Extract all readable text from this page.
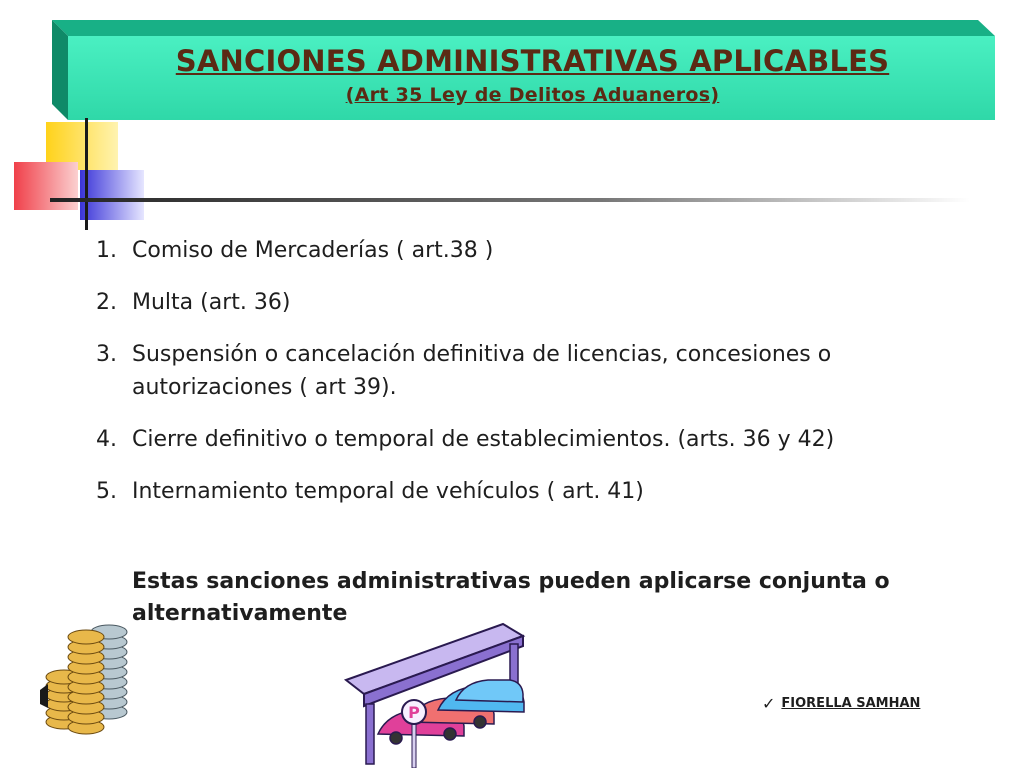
SANCIONES ADMINISTRATIVAS APLICABLES
(Art 35 Ley de Delitos Aduaneros)
1. Comiso de Mercaderías ( art.38 )
2. Multa (art. 36)
3. Suspensión o cancelación definitiva de licencias, concesiones o autorizaciones ( art 39).
4. Cierre definitivo o temporal de establecimientos. (arts. 36 y 42)
5. Internamiento temporal de vehículos ( art. 41)
Estas sanciones administrativas pueden aplicarse conjunta o alternativamente
P	✓ FIORELLA SAMHAN
